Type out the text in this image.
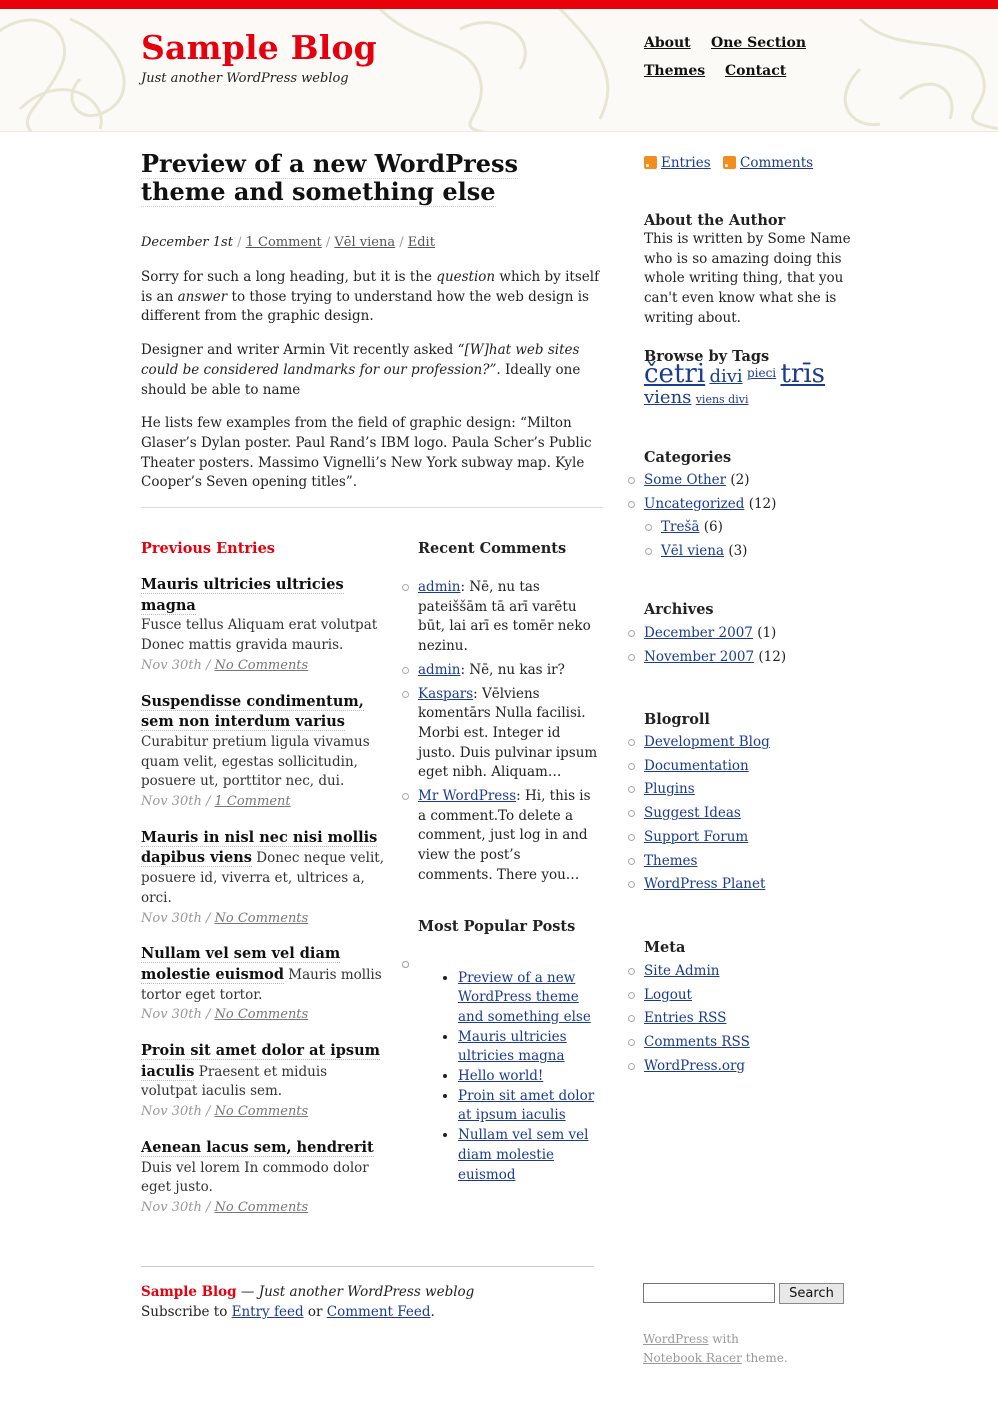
Sample Blog
Just another WordPress weblog
About One Section
Themes Contact
Preview of a new WordPress theme and something else
December 1st / 1 Comment / Vēl viena / Edit

Sorry for such a long heading, but it is the question which by itself is an answer to those trying to understand how the web design is different from the graphic design.

Designer and writer Armin Vit recently asked “[W]hat web sites could be considered landmarks for our profession?”. Ideally one should be able to name

He lists few examples from the field of graphic design: “Milton Glaser’s Dylan poster. Paul Rand’s IBM logo. Paula Scher’s Public Theater posters. Massimo Vignelli’s New York subway map. Kyle Cooper’s Seven opening titles”.

Previous Entries
Mauris ultricies ultricies magna
Fusce tellus Aliquam erat volutpat Donec mattis gravida mauris.
Nov 30th / No Comments
Suspendisse condimentum, sem non interdum varius Curabitur pretium ligula vivamus quam velit, egestas sollicitudin, posuere ut, porttitor nec, dui.
Nov 30th / 1 Comment
Mauris in nisl nec nisi mollis dapibus viens Donec neque velit, posuere id, viverra et, ultrices a, orci.
Nov 30th / No Comments
Nullam vel sem vel diam molestie euismod Mauris mollis tortor eget tortor.
Nov 30th / No Comments
Proin sit amet dolor at ipsum iaculis Praesent et miduis volutpat iaculis sem.
Nov 30th / No Comments
Aenean lacus sem, hendrerit
Duis vel lorem In commodo dolor eget justo.
Nov 30th / No Comments
Recent Comments
admin: Nē, nu tas pateiššām tā arī varētu būt, lai arī es tomēr neko nezinu.
admin: Nē, nu kas ir?
Kaspars: Vēlviens komentārs Nulla facilisi. Morbi est. Integer id justo. Duis pulvinar ipsum eget nibh. Aliquam…
Mr WordPress: Hi, this is a comment.To delete a comment, just log in and view the post’s comments. There you…
Most Popular Posts
• Preview of a new WordPress theme and something else
• Mauris ultricies ultricies magna
• Hello world!
• Proin sit amet dolor at ipsum iaculis
• Nullam vel sem vel diam molestie euismod
Entries	Comments
About the Author
This is written by Some Name who is so amazing doing this whole writing thing, that you can't even know what she is writing about.
Browse by Tags
četri divi pieci trīs
viens viens divi
Categories
Some Other (2)
Uncategorized (12)
Trešā (6)
Vēl viena (3)
Archives
December 2007 (1)
November 2007 (12)
Blogroll
Development Blog
Documentation
Plugins
Suggest Ideas
Support Forum
Themes
WordPress Planet
Meta
Site Admin
Logout
Entries RSS
Comments RSS
WordPress.org
Sample Blog — Just another WordPress weblog
Subscribe to Entry feed or Comment Feed.
Search
WordPress with
Notebook Racer theme.
